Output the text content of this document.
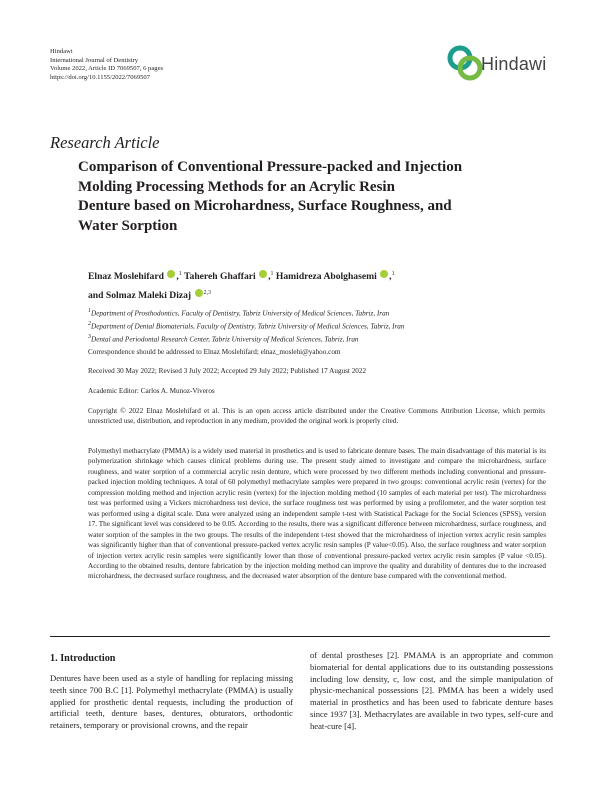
Hindawi
International Journal of Dentistry
Volume 2022, Article ID 7069507, 6 pages
https://doi.org/10.1155/2022/7069507
Hindawi
Research Article
Comparison of Conventional Pressure-packed and Injection
Molding Processing Methods for an Acrylic Resin
Denture based on Microhardness, Surface Roughness, and
Water Sorption
Elnaz Moslehifard ,$^1$ Tahereh Ghaffari ,$^1$ Hamidreza Abolghasemi ,$^1$
and Solmaz Maleki Dizaj $^{2,3}$
$^1$Department of Prosthodontics, Faculty of Dentistry, Tabriz University of Medical Sciences, Tabriz, Iran
$^2$Department of Dental Biomaterials, Faculty of Dentistry, Tabriz University of Medical Sciences, Tabriz, Iran
$^3$Dental and Periodontal Research Center, Tabriz University of Medical Sciences, Tabriz, Iran
Correspondence should be addressed to Elnaz Moslehifard; elnaz_moslehi@yahoo.com
Received 30 May 2022; Revised 3 July 2022; Accepted 29 July 2022; Published 17 August 2022
Academic Editor: Carlos A. Munoz-Viveros
Copyright © 2022 Elnaz Moslehifard et al. This is an open access article distributed under the Creative Commons Attribution License, which permits unrestricted use, distribution, and reproduction in any medium, provided the original work is properly cited.
Polymethyl methacrylate (PMMA) is a widely used material in prosthetics and is used to fabricate denture bases. The main disadvantage of this material is its polymerization shrinkage which causes clinical problems during use. The present study aimed to investigate and compare the microhardness, surface roughness, and water sorption of a commercial acrylic resin denture, which were processed by two different methods including conventional and pressure-packed injection molding techniques. A total of 60 polymethyl methacrylate samples were prepared in two groups: conventional acrylic resin (vertex) for the compression molding method and injection acrylic resin (vertex) for the injection molding method (10 samples of each material per test). The microhardness test was performed using a Vickers microhardness test device, the surface roughness test was performed by using a profilometer, and the water sorption test was performed using a digital scale. Data were analyzed using an independent sample t-test with Statistical Package for the Social Sciences (SPSS), version 17. The significant level was considered to be 0.05. According to the results, there was a significant difference between microhardness, surface roughness, and water sorption of the samples in the two groups. The results of the independent t-test showed that the microhardness of injection vertex acrylic resin samples was significantly higher than that of conventional pressure-packed vertex acrylic resin samples (P value<0.05). Also, the surface roughness and water sorption of injection vertex acrylic resin samples were significantly lower than those of conventional pressure-packed vertex acrylic resin samples (P value <0.05). According to the obtained results, denture fabrication by the injection molding method can improve the quality and durability of dentures due to the increased microhardness, the decreased surface roughness, and the decreased water absorption of the denture base compared with the conventional method.
1. Introduction
Dentures have been used as a style of handling for replacing missing teeth since 700 B.C [1]. Polymethyl methacrylate (PMMA) is usually applied for prosthetic dental requests, including the production of artificial teeth, denture bases, dentures, obturators, orthodontic retainers, temporary or provisional crowns, and the repair
of dental prostheses [2]. PMAMA is an appropriate and common biomaterial for dental applications due to its outstanding possessions including low density, c, low cost, and the simple manipulation of physic-mechanical possessions [2]. PMMA has been a widely used material in prosthetics and has been used to fabricate denture bases since 1937 [3]. Methacrylates are available in two types, self-cure and heat-cure [4].
